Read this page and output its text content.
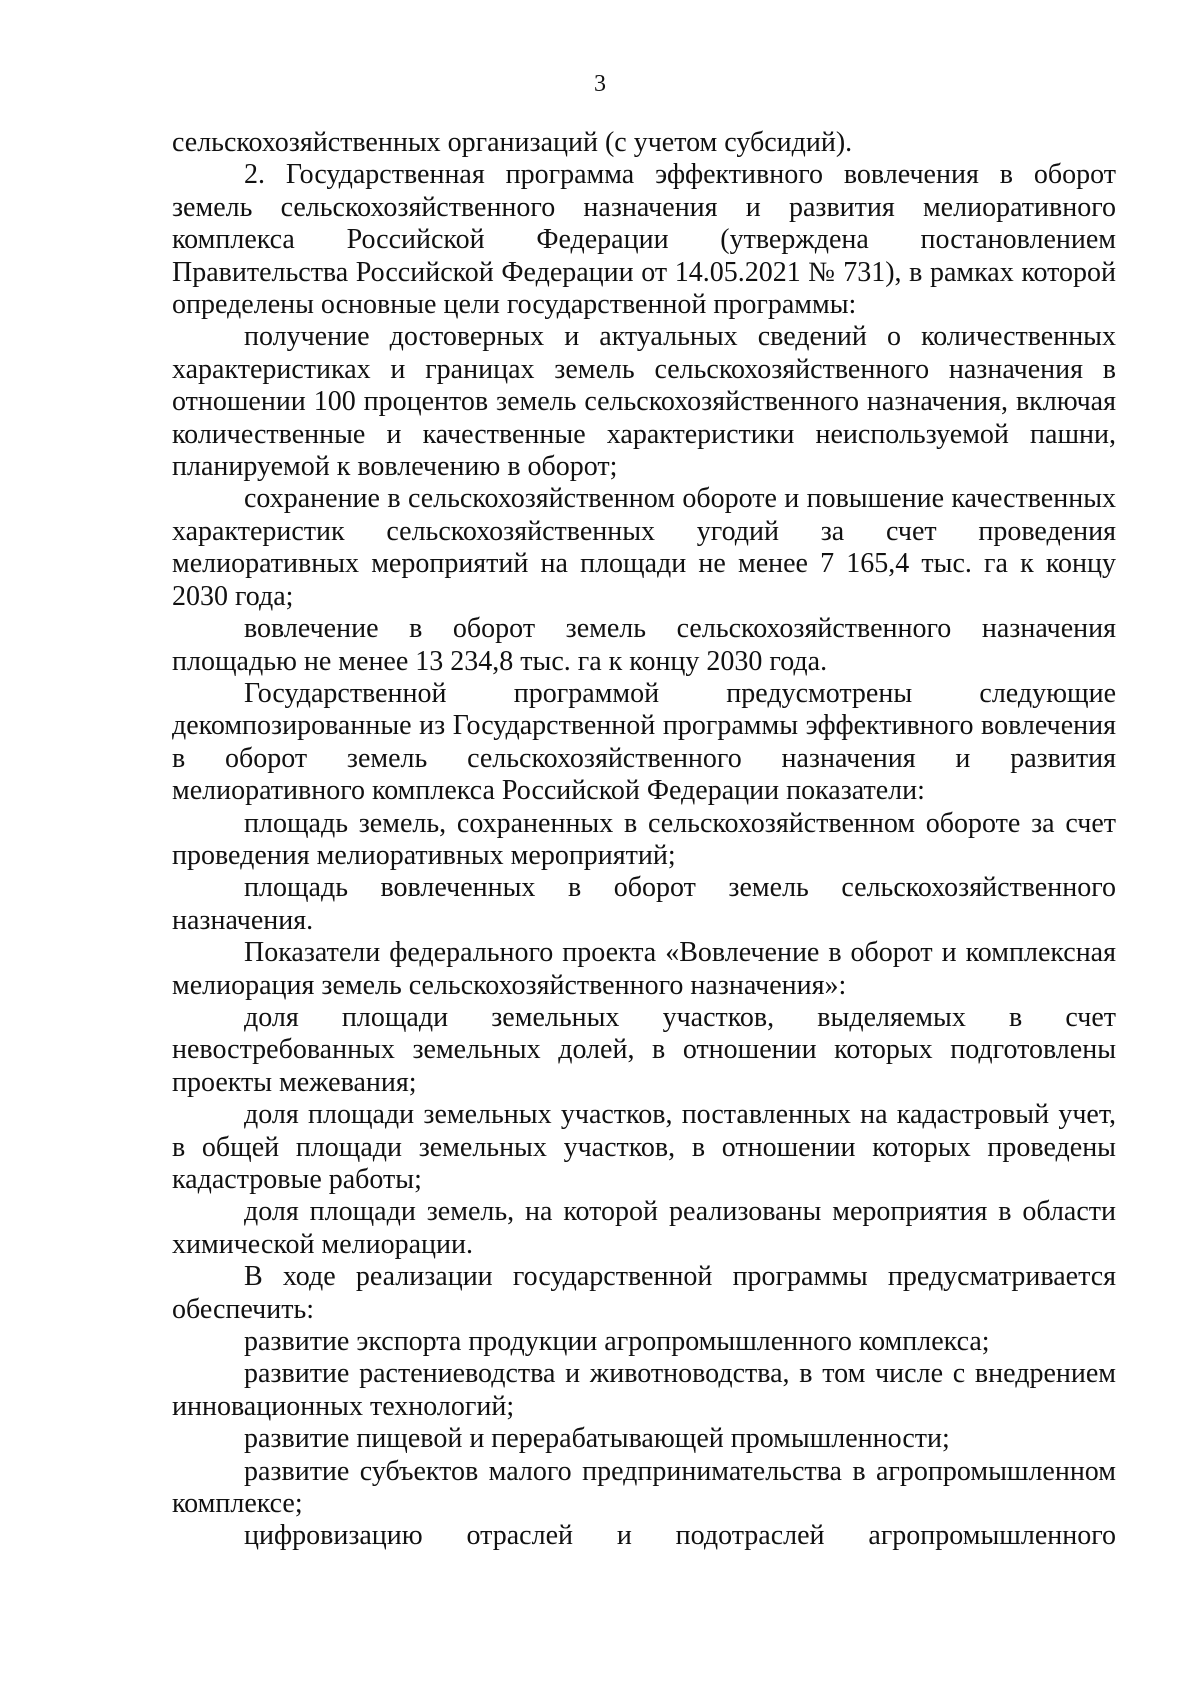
3

сельскохозяйственных организаций (с учетом субсидий).

2. Государственная программа эффективного вовлечения в оборот земель сельскохозяйственного назначения и развития мелиоративного комплекса Российской Федерации (утверждена постановлением Правительства Российской Федерации от 14.05.2021 № 731), в рамках которой определены основные цели государственной программы:

получение достоверных и актуальных сведений о количественных характеристиках и границах земель сельскохозяйственного назначения в отношении 100 процентов земель сельскохозяйственного назначения, включая количественные и качественные характеристики неиспользуемой пашни, планируемой к вовлечению в оборот;

сохранение в сельскохозяйственном обороте и повышение качественных характеристик сельскохозяйственных угодий за счет проведения мелиоративных мероприятий на площади не менее 7 165,4 тыс. га к концу 2030 года;

вовлечение в оборот земель сельскохозяйственного назначения площадью не менее 13 234,8 тыс. га к концу 2030 года.

Государственной программой предусмотрены следующие декомпозированные из Государственной программы эффективного вовлечения в оборот земель сельскохозяйственного назначения и развития мелиоративного комплекса Российской Федерации показатели:

площадь земель, сохраненных в сельскохозяйственном обороте за счет проведения мелиоративных мероприятий;

площадь вовлеченных в оборот земель сельскохозяйственного назначения.

Показатели федерального проекта «Вовлечение в оборот и комплексная мелиорация земель сельскохозяйственного назначения»:

доля площади земельных участков, выделяемых в счет невостребованных земельных долей, в отношении которых подготовлены проекты межевания;

доля площади земельных участков, поставленных на кадастровый учет, в общей площади земельных участков, в отношении которых проведены кадастровые работы;

доля площади земель, на которой реализованы мероприятия в области химической мелиорации.

В ходе реализации государственной программы предусматривается обеспечить:

развитие экспорта продукции агропромышленного комплекса;

развитие растениеводства и животноводства, в том числе с внедрением инновационных технологий;

развитие пищевой и перерабатывающей промышленности;

развитие субъектов малого предпринимательства в агропромышленном комплексе;

цифровизацию отраслей и подотраслей агропромышленного
